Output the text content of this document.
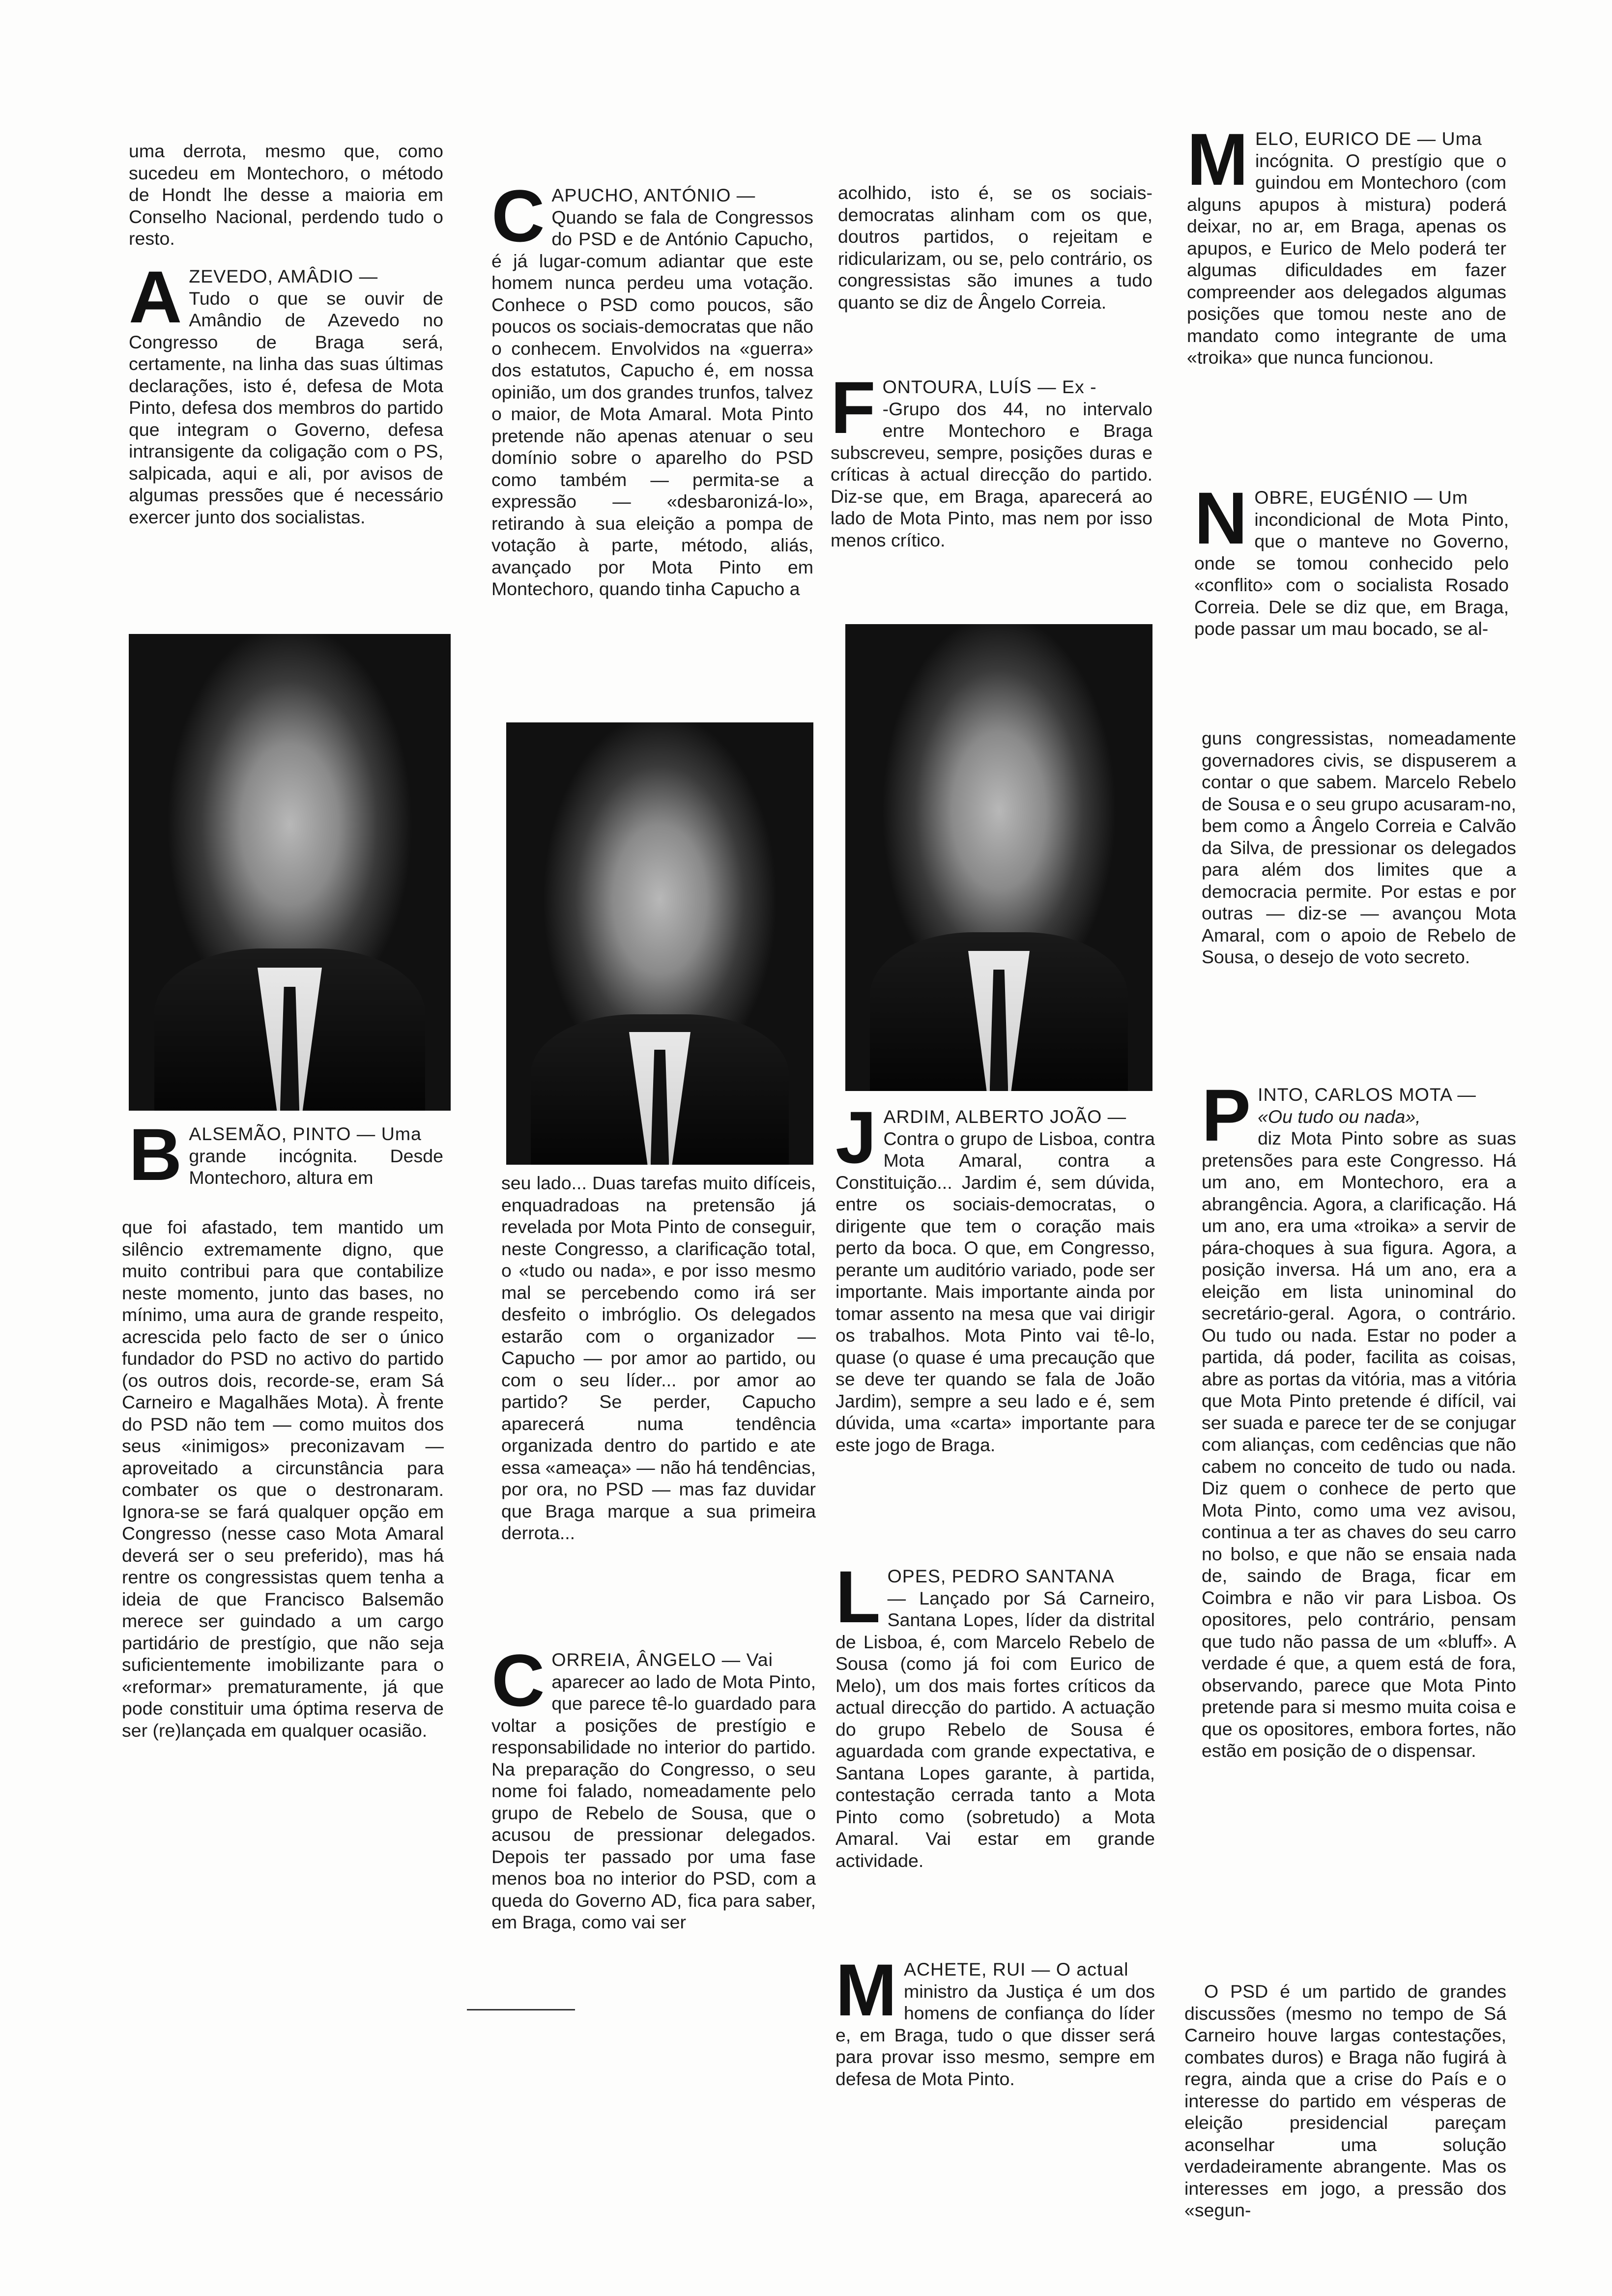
uma derrota, mesmo que, como sucedeu em Montechoro, o método de Hondt lhe desse a maioria em Conselho Nacional, perdendo tudo o resto.

A ZEVEDO, AMÂDIO —

Tudo o que se ouvir de Amândio de Azevedo no Congresso de Braga será, certamente, na linha das suas últimas declarações, isto é, defesa de Mota Pinto, defesa dos membros do partido que integram o Governo, defesa intransigente da coligação com o PS, salpicada, aqui e ali, por avisos de algumas pressões que é necessário exercer junto dos socialistas.

B ALSEMÃO, PINTO — Uma

grande incógnita. Desde Montechoro, altura em

que foi afastado, tem mantido um silêncio extremamente digno, que muito contribui para que contabilize neste momento, junto das bases, no mínimo, uma aura de grande respeito, acrescida pelo facto de ser o único fundador do PSD no activo do partido (os outros dois, recorde-se, eram Sá Carneiro e Magalhães Mota). À frente do PSD não tem — como muitos dos seus «inimigos» preconizavam — aproveitado a circunstância para combater os que o destronaram. Ignora-se se fará qualquer opção em Congresso (nesse caso Mota Amaral deverá ser o seu preferido), mas há rentre os congressistas quem tenha a ideia de que Francisco Balsemão merece ser guindado a um cargo partidário de prestígio, que não seja suficientemente imobilizante para o «reformar» prematuramente, já que pode constituir uma óptima reserva de ser (re)lançada em qualquer ocasião.

C APUCHO, ANTÓNIO —

Quando se fala de Congressos do PSD e de António Capucho, é já lugar-comum adiantar que este homem nunca perdeu uma votação. Conhece o PSD como poucos, são poucos os sociais-democratas que não o conhecem. Envolvidos na «guerra» dos estatutos, Capucho é, em nossa opinião, um dos grandes trunfos, talvez o maior, de Mota Amaral. Mota Pinto pretende não apenas atenuar o seu domínio sobre o aparelho do PSD como também — permita-se a expressão — «desbaronizá-lo», retirando à sua eleição a pompa de votação à parte, método, aliás, avançado por Mota Pinto em Montechoro, quando tinha Capucho a

seu lado... Duas tarefas muito difíceis, enquadradoas na pretensão já revelada por Mota Pinto de conseguir, neste Congresso, a clarificação total, o «tudo ou nada», e por isso mesmo mal se percebendo como irá ser desfeito o imbróglio. Os delegados estarão com o organizador — Capucho — por amor ao partido, ou com o seu líder... por amor ao partido? Se perder, Capucho aparecerá numa tendência organizada dentro do partido e ate essa «ameaça» — não há tendências, por ora, no PSD — mas faz duvidar que Braga marque a sua primeira derrota...

C ORREIA, ÂNGELO — Vai

aparecer ao lado de Mota Pinto, que parece tê-lo guardado para voltar a posições de prestígio e responsabilidade no interior do partido. Na preparação do Congresso, o seu nome foi falado, nomeadamente pelo grupo de Rebelo de Sousa, que o acusou de pressionar delegados. Depois ter passado por uma fase menos boa no interior do PSD, com a queda do Governo AD, fica para saber, em Braga, como vai ser

acolhido, isto é, se os sociais-democratas alinham com os que, doutros partidos, o rejeitam e ridicularizam, ou se, pelo contrário, os congressistas são imunes a tudo quanto se diz de Ângelo Correia.

F ONTOURA, LUÍS — Ex -

-Grupo dos 44, no intervalo entre Montechoro e Braga subscreveu, sempre, posições duras e críticas à actual direcção do partido. Diz-se que, em Braga, aparecerá ao lado de Mota Pinto, mas nem por isso menos crítico.

J ARDIM, ALBERTO JOÃO —

Contra o grupo de Lisboa, contra Mota Amaral, contra a Constituição... Jardim é, sem dúvida, entre os sociais-democratas, o dirigente que tem o coração mais perto da boca. O que, em Congresso, perante um auditório variado, pode ser importante. Mais importante ainda por tomar assento na mesa que vai dirigir os trabalhos. Mota Pinto vai tê-lo, quase (o quase é uma precaução que se deve ter quando se fala de João Jardim), sempre a seu lado e é, sem dúvida, uma «carta» importante para este jogo de Braga.

L OPES, PEDRO SANTANA

— Lançado por Sá Carneiro, Santana Lopes, líder da distrital de Lisboa, é, com Marcelo Rebelo de Sousa (como já foi com Eurico de Melo), um dos mais fortes críticos da actual direcção do partido. A actuação do grupo Rebelo de Sousa é aguardada com grande expectativa, e Santana Lopes garante, à partida, contestação cerrada tanto a Mota Pinto como (sobretudo) a Mota Amaral. Vai estar em grande actividade.

M ACHETE, RUI — O actual

ministro da Justiça é um dos homens de confiança do líder e, em Braga, tudo o que disser será para provar isso mesmo, sempre em defesa de Mota Pinto.

M ELO, EURICO DE — Uma

incógnita. O prestígio que o guindou em Montechoro (com alguns apupos à mistura) poderá deixar, no ar, em Braga, apenas os apupos, e Eurico de Melo poderá ter algumas dificuldades em fazer compreender aos delegados algumas posições que tomou neste ano de mandato como integrante de uma «troika» que nunca funcionou.

N OBRE, EUGÉNIO — Um

incondicional de Mota Pinto, que o manteve no Governo, onde se tomou conhecido pelo «conflito» com o socialista Rosado Correia. Dele se diz que, em Braga, pode passar um mau bocado, se al-

guns congressistas, nomeadamente governadores civis, se dispuserem a contar o que sabem. Marcelo Rebelo de Sousa e o seu grupo acusaram-no, bem como a Ângelo Correia e Calvão da Silva, de pressionar os delegados para além dos limites que a democracia permite. Por estas e por outras — diz-se — avançou Mota Amaral, com o apoio de Rebelo de Sousa, o desejo de voto secreto.

P INTO, CARLOS MOTA —

«Ou tudo ou nada»,

diz Mota Pinto sobre as suas pretensões para este Congresso. Há um ano, em Montechoro, era a abrangência. Agora, a clarificação. Há um ano, era uma «troika» a servir de pára-choques à sua figura. Agora, a posição inversa. Há um ano, era a eleição em lista uninominal do secretário-geral. Agora, o contrário. Ou tudo ou nada. Estar no poder a partida, dá poder, facilita as coisas, abre as portas da vitória, mas a vitória que Mota Pinto pretende é difícil, vai ser suada e parece ter de se conjugar com alianças, com cedências que não cabem no conceito de tudo ou nada. Diz quem o conhece de perto que Mota Pinto, como uma vez avisou, continua a ter as chaves do seu carro no bolso, e que não se ensaia nada de, saindo de Braga, ficar em Coimbra e não vir para Lisboa. Os opositores, pelo contrário, pensam que tudo não passa de um «bluff». A verdade é que, a quem está de fora, observando, parece que Mota Pinto pretende para si mesmo muita coisa e que os opositores, embora fortes, não estão em posição de o dispensar.

O PSD é um partido de grandes discussões (mesmo no tempo de Sá Carneiro houve largas contestações, combates duros) e Braga não fugirá à regra, ainda que a crise do País e o interesse do partido em vésperas de eleição presidencial pareçam aconselhar uma solução verdadeiramente abrangente. Mas os interesses em jogo, a pressão dos «segun-
